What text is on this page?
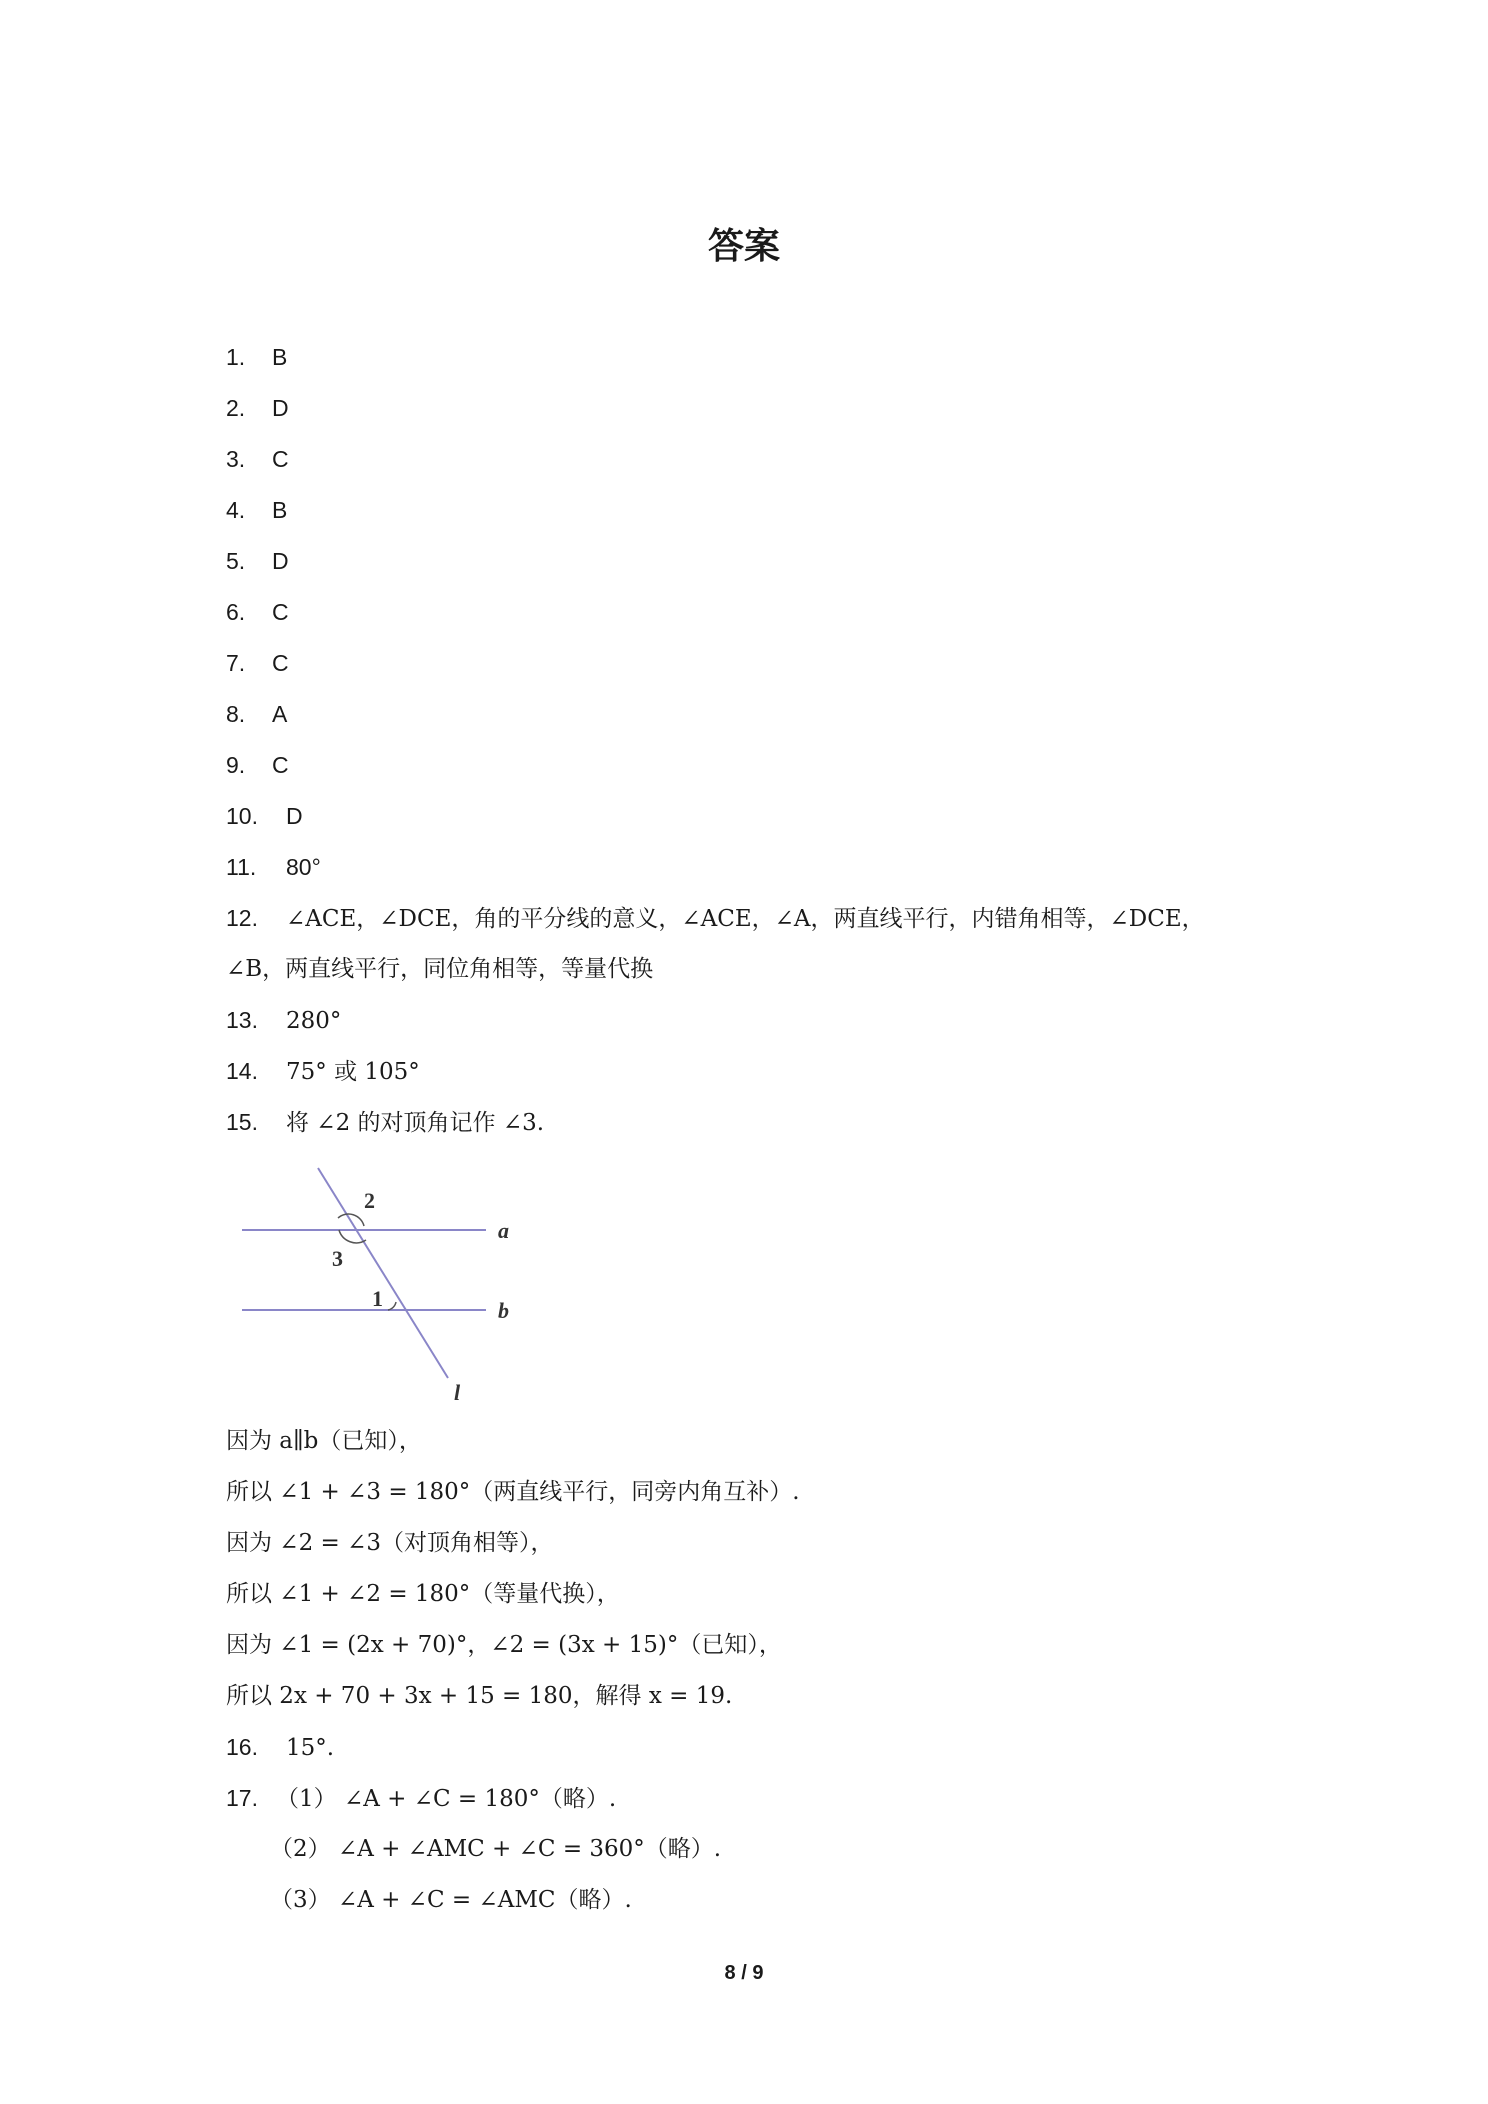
答案
1. B
2. D
3. C
4. B
5. D
6. C
7. C
8. A
9. C
10. D
11. 80°
12. ∠ACE，∠DCE，角的平分线的意义，∠ACE，∠A，两直线平行，内错角相等，∠DCE，
∠B，两直线平行，同位角相等，等量代换
13. 280°
14. 75° 或 105°
15. 将 ∠2 的对顶角记作 ∠3.
2
3
1
a
b
l
因为 a∥b（已知），
所以 ∠1 + ∠3 = 180°（两直线平行，同旁内角互补）.
因为 ∠2 = ∠3（对顶角相等），
所以 ∠1 + ∠2 = 180°（等量代换），
因为 ∠1 = (2x + 70)°，∠2 = (3x + 15)°（已知），
所以 2x + 70 + 3x + 15 = 180，解得 x = 19.
16. 15°.
17. （1） ∠A + ∠C = 180°（略）.
（2） ∠A + ∠AMC + ∠C = 360°（略）.
（3） ∠A + ∠C = ∠AMC（略）.
8 / 9
